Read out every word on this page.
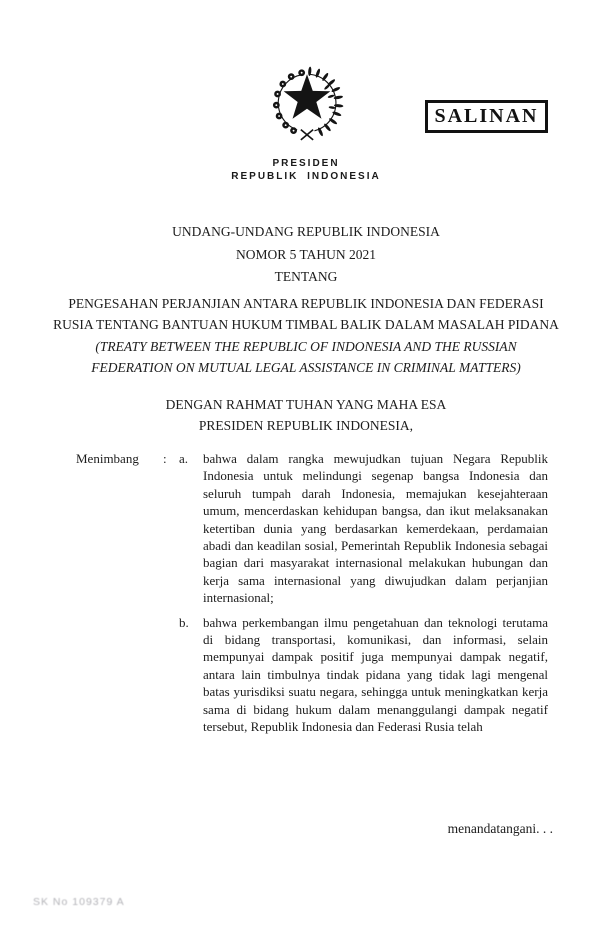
PRESIDEN
REPUBLIK INDONESIA
SALINAN
UNDANG-UNDANG REPUBLIK INDONESIA
NOMOR 5 TAHUN 2021
TENTANG
PENGESAHAN PERJANJIAN ANTARA REPUBLIK INDONESIA DAN FEDERASI
RUSIA TENTANG BANTUAN HUKUM TIMBAL BALIK DALAM MASALAH PIDANA
(TREATY BETWEEN THE REPUBLIC OF INDONESIA AND THE RUSSIAN
FEDERATION ON MUTUAL LEGAL ASSISTANCE IN CRIMINAL MATTERS)
DENGAN RAHMAT TUHAN YANG MAHA ESA
PRESIDEN REPUBLIK INDONESIA,
Menimbang	: a.	bahwa dalam rangka mewujudkan tujuan Negara Republik Indonesia untuk melindungi segenap bangsa Indonesia dan seluruh tumpah darah Indonesia, memajukan kesejahteraan umum, mencerdaskan kehidupan bangsa, dan ikut melaksanakan ketertiban dunia yang berdasarkan kemerdekaan, perdamaian abadi dan keadilan sosial, Pemerintah Republik Indonesia sebagai bagian dari masyarakat internasional melakukan hubungan dan kerja sama internasional yang diwujudkan dalam perjanjian internasional;
b.	bahwa perkembangan ilmu pengetahuan dan teknologi terutama di bidang transportasi, komunikasi, dan informasi, selain mempunyai dampak positif juga mempunyai dampak negatif, antara lain timbulnya tindak pidana yang tidak lagi mengenal batas yurisdiksi suatu negara, sehingga untuk meningkatkan kerja sama di bidang hukum dalam menanggulangi dampak negatif tersebut, Republik Indonesia dan Federasi Rusia telah
menandatangani. . .
SK No 109379 A
